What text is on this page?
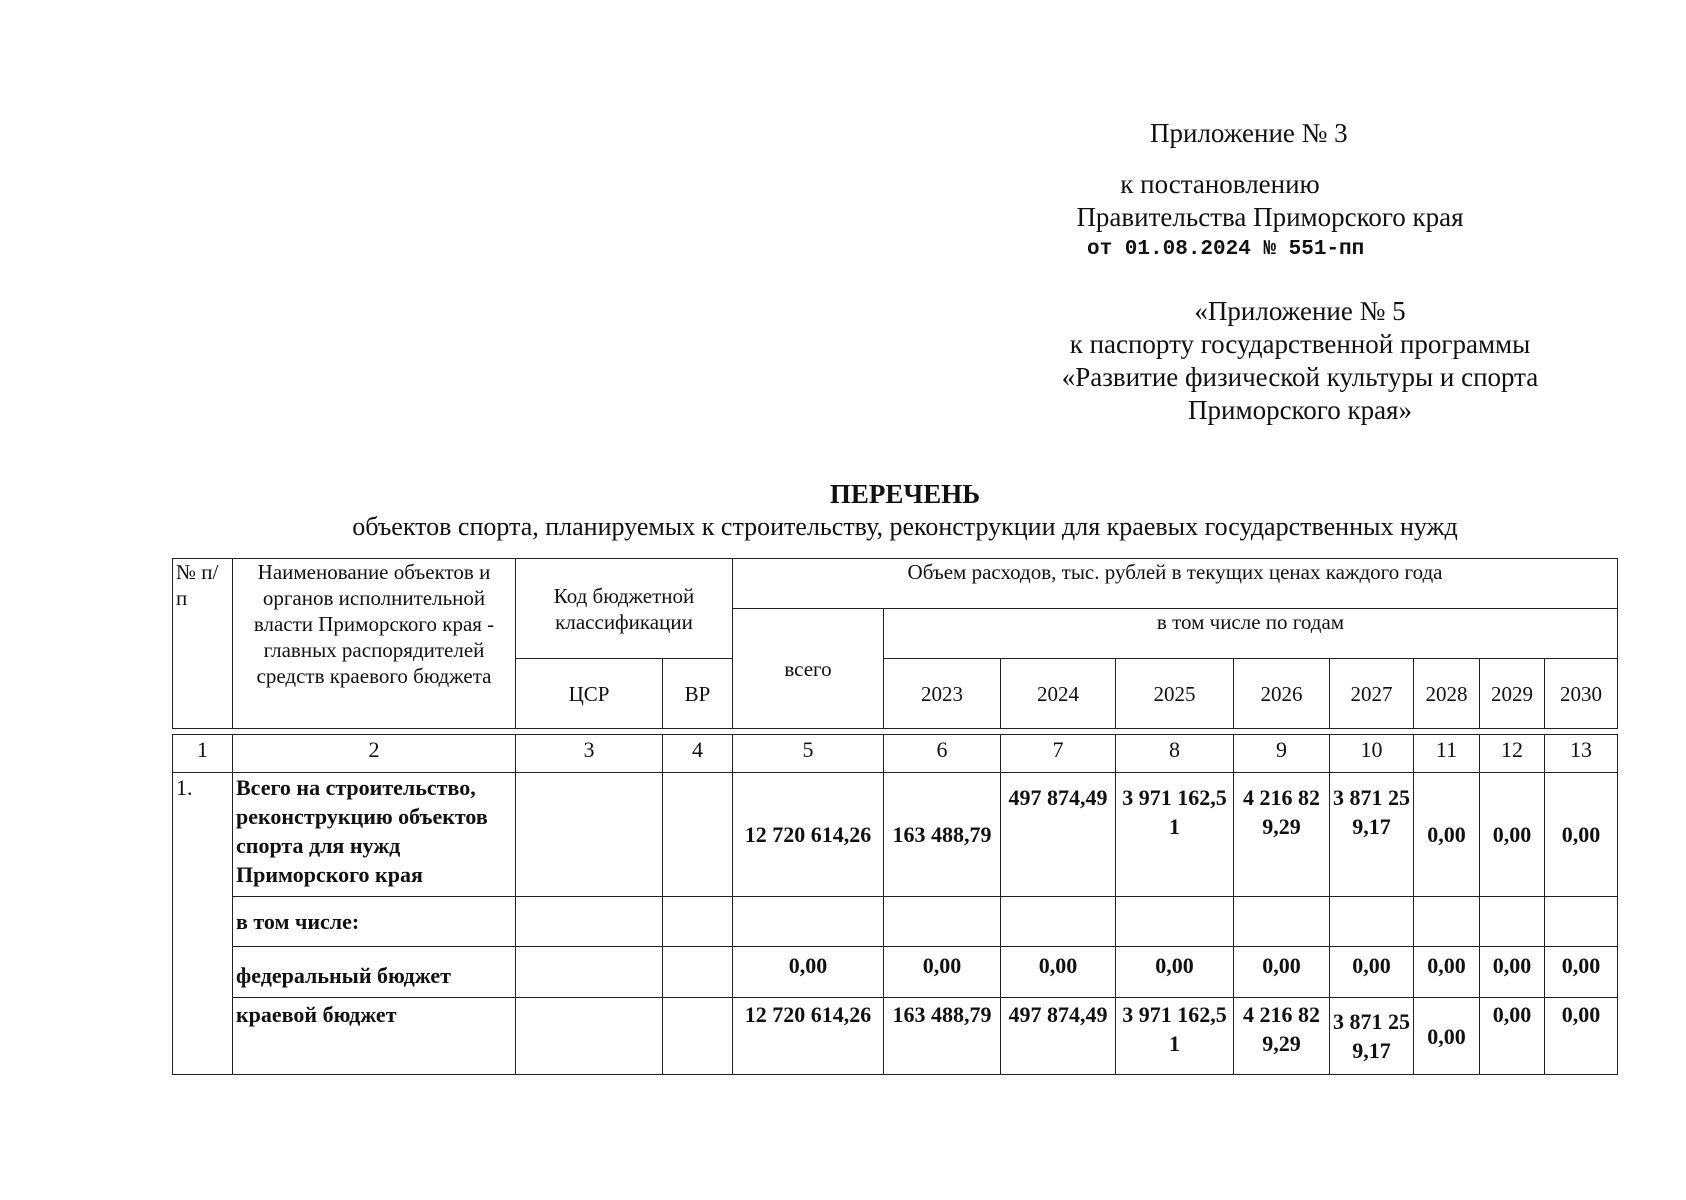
Приложение № 3
к постановлению
Правительства Приморского края
от 01.08.2024 № 551-пп
«Приложение № 5
к паспорту государственной программы
«Развитие физической культуры и спорта
Приморского края»
ПЕРЕЧЕНЬ
объектов спорта, планируемых к строительству, реконструкции для краевых государственных нужд
№ п/п	Наименование объектов и органов исполнительной власти Приморского края - главных распорядителей средств краевого бюджета	Код бюджетной классификации		Объем расходов, тыс. рублей в текущих ценах каждого года								
				всего	в том числе по годам							
		ЦСР	ВР		2023	2024	2025	2026	2027	2028	2029	2030
1	2	3	4	5	6	7	8	9	10	11	12	13
1.	Всего на строительство, реконструкцию объектов спорта для нужд Приморского края			12 720 614,26	163 488,79	497 874,49	3 971 162,51	4 216 829,29	3 871 259,17	0,00	0,00	0,00
	в том числе:											
	федеральный бюджет			0,00	0,00	0,00	0,00	0,00	0,00	0,00	0,00	0,00
	краевой бюджет			12 720 614,26	163 488,79	497 874,49	3 971 162,51	4 216 829,29	3 871 259,17	0,00	0,00	0,00
